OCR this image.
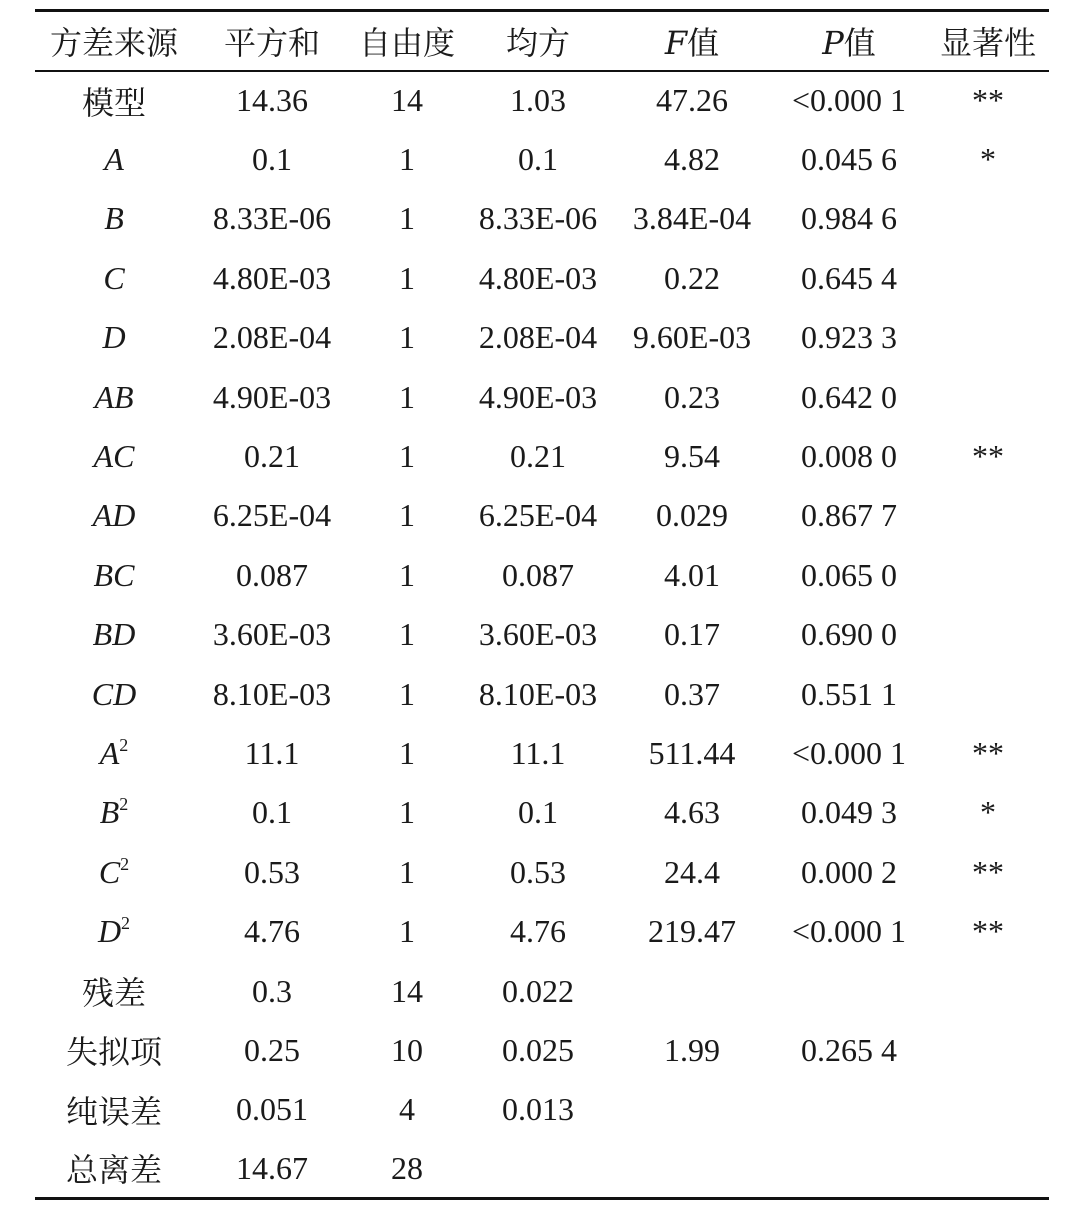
方差来源	平方和	自由度	均方	F值	P值	显著性
模型	14.36	14	1.03	47.26	<0.000 1	**
A	0.1	1	0.1	4.82	0.045 6	*
B	8.33E-06	1	8.33E-06	3.84E-04	0.984 6	
C	4.80E-03	1	4.80E-03	0.22	0.645 4	
D	2.08E-04	1	2.08E-04	9.60E-03	0.923 3	
AB	4.90E-03	1	4.90E-03	0.23	0.642 0	
AC	0.21	1	0.21	9.54	0.008 0	**
AD	6.25E-04	1	6.25E-04	0.029	0.867 7	
BC	0.087	1	0.087	4.01	0.065 0	
BD	3.60E-03	1	3.60E-03	0.17	0.690 0	
CD	8.10E-03	1	8.10E-03	0.37	0.551 1	
$A^2$	11.1	1	11.1	511.44	<0.000 1	**
$B^2$	0.1	1	0.1	4.63	0.049 3	*
$C^2$	0.53	1	0.53	24.4	0.000 2	**
$D^2$	4.76	1	4.76	219.47	<0.000 1	**
残差	0.3	14	0.022			
失拟项	0.25	10	0.025	1.99	0.265 4	
纯误差	0.051	4	0.013			
总离差	14.67	28				
